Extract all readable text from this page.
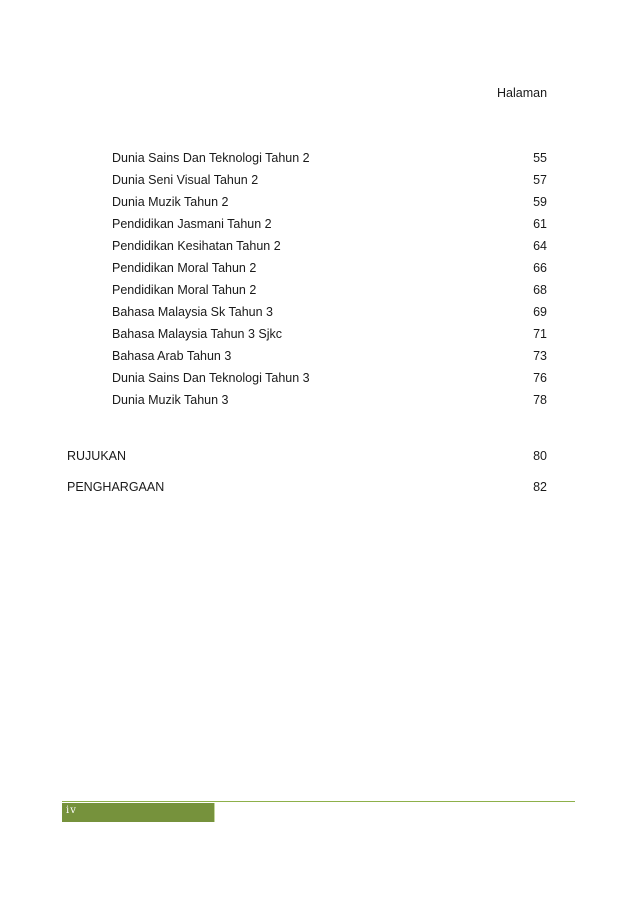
Halaman
Dunia Sains Dan Teknologi Tahun 2	55
Dunia Seni Visual Tahun 2	57
Dunia Muzik Tahun 2	59
Pendidikan Jasmani Tahun 2	61
Pendidikan Kesihatan Tahun 2	64
Pendidikan Moral Tahun 2	66
Pendidikan Moral Tahun 2	68
Bahasa Malaysia Sk Tahun 3	69
Bahasa Malaysia Tahun 3 Sjkc	71
Bahasa Arab Tahun 3	73
Dunia Sains Dan Teknologi Tahun 3	76
Dunia Muzik Tahun 3	78
RUJUKAN	80
PENGHARGAAN	82
iv
